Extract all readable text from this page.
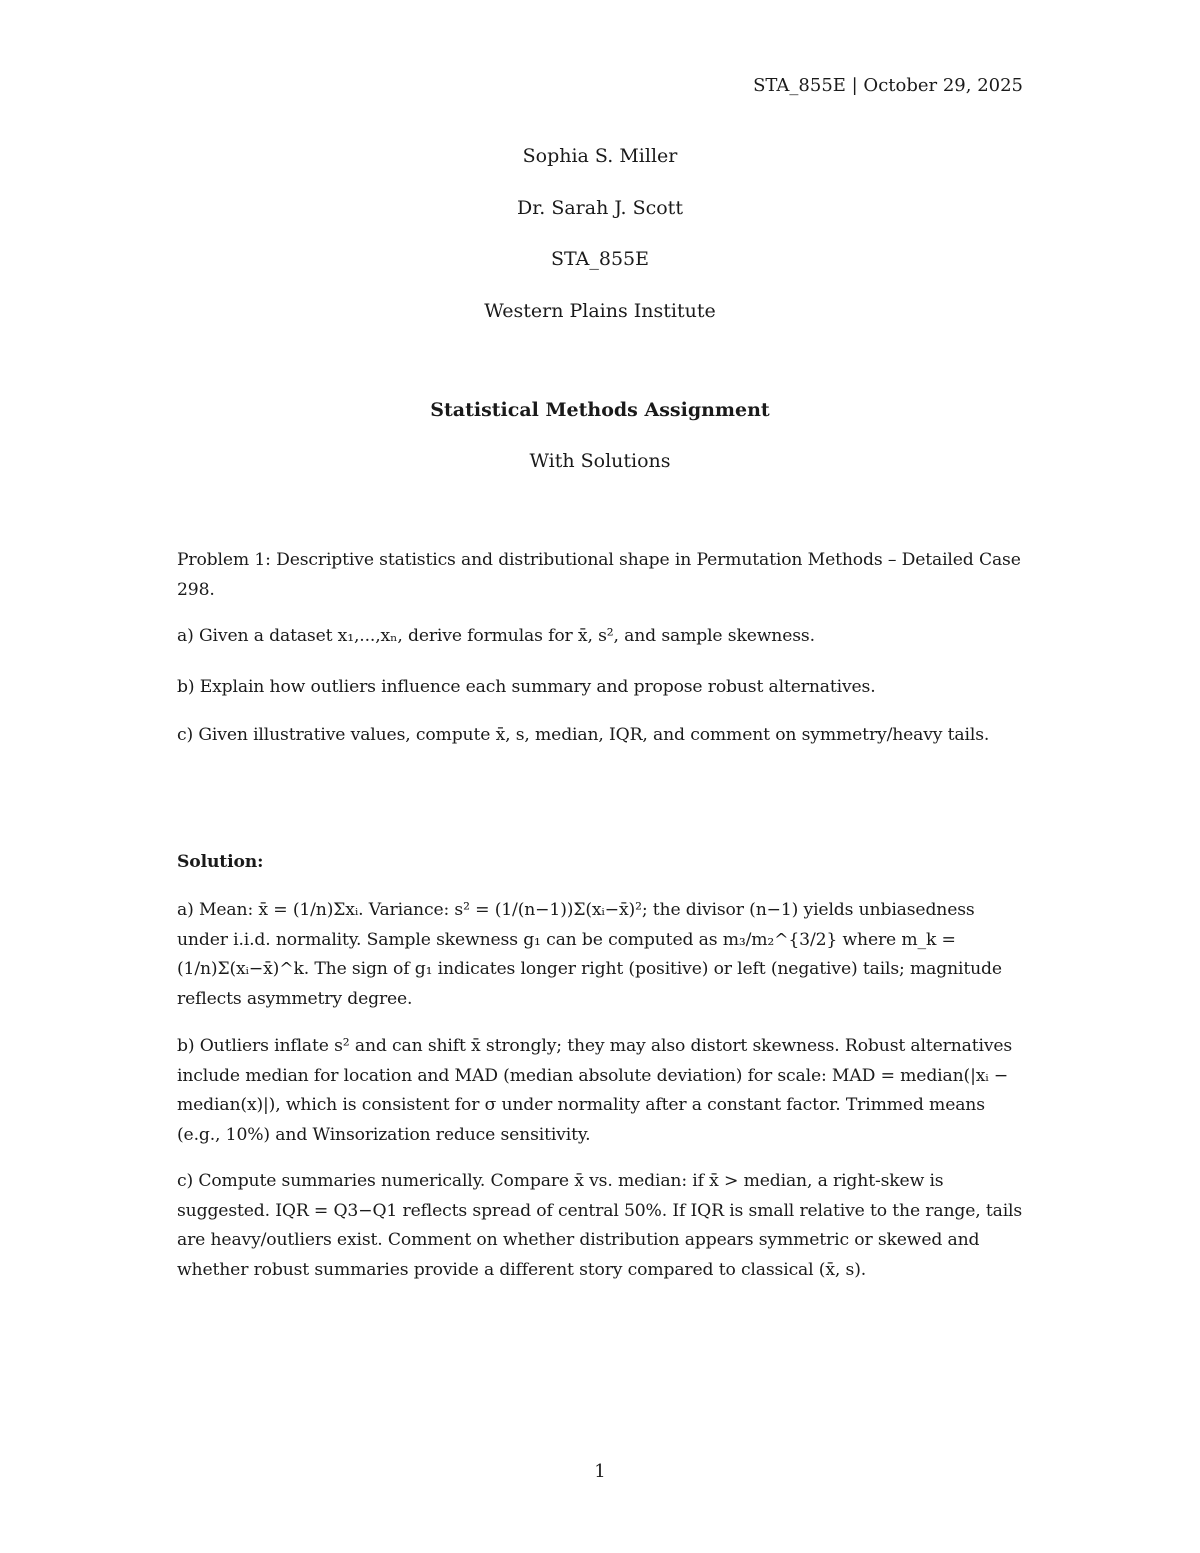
STA_855E | October 29, 2025

Sophia S. Miller

Dr. Sarah J. Scott

STA_855E

Western Plains Institute

Statistical Methods Assignment
With Solutions

Problem 1: Descriptive statistics and distributional shape in Permutation Methods – Detailed Case 298.

a) Given a dataset x₁,...,xₙ, derive formulas for x̄, s², and sample skewness.

b) Explain how outliers influence each summary and propose robust alternatives.

c) Given illustrative values, compute x̄, s, median, IQR, and comment on symmetry/heavy tails.

Solution:

a) Mean: x̄ = (1/n)Σxᵢ. Variance: s² = (1/(n−1))Σ(xᵢ−x̄)²; the divisor (n−1) yields unbiasedness under i.i.d. normality. Sample skewness g₁ can be computed as m₃/m₂^{3/2} where m_k = (1/n)Σ(xᵢ−x̄)^k. The sign of g₁ indicates longer right (positive) or left (negative) tails; magnitude reflects asymmetry degree.

b) Outliers inflate s² and can shift x̄ strongly; they may also distort skewness. Robust alternatives include median for location and MAD (median absolute deviation) for scale: MAD = median(|xᵢ − median(x)|), which is consistent for σ under normality after a constant factor. Trimmed means (e.g., 10%) and Winsorization reduce sensitivity.

c) Compute summaries numerically. Compare x̄ vs. median: if x̄ > median, a right-skew is suggested. IQR = Q3−Q1 reflects spread of central 50%. If IQR is small relative to the range, tails are heavy/outliers exist. Comment on whether distribution appears symmetric or skewed and whether robust summaries provide a different story compared to classical (x̄, s).

1
